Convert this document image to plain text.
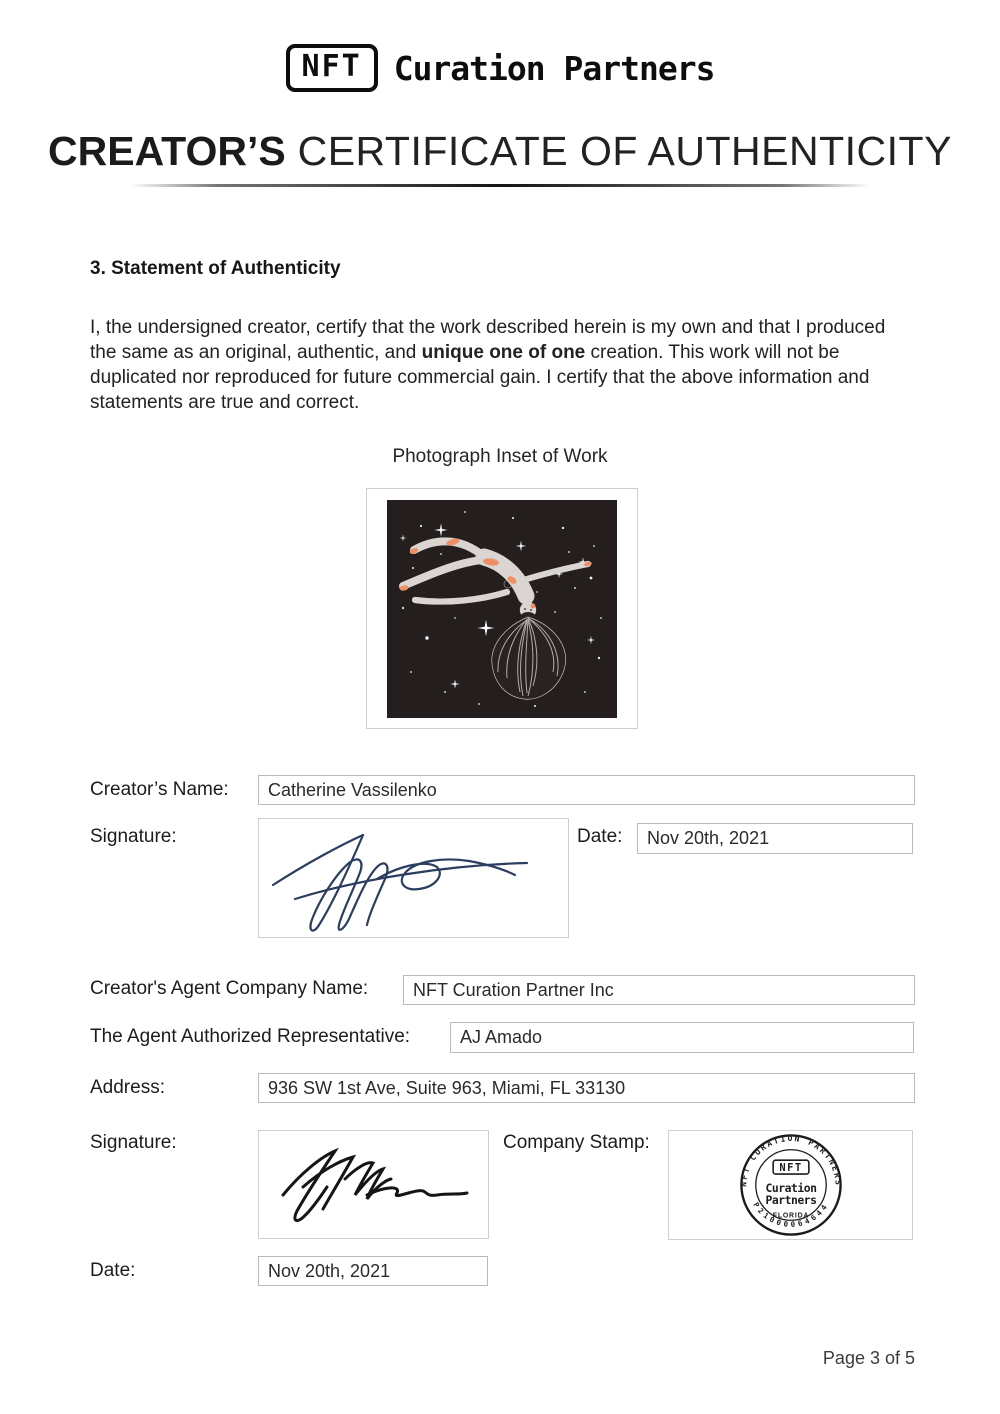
NFT Curation Partners
CREATOR’S CERTIFICATE OF AUTHENTICITY
3. Statement of Authenticity
I, the undersigned creator, certify that the work described herein is my own and that I produced the same as an original, authentic, and unique one of one creation. This work will not be duplicated nor reproduced for future commercial gain. I certify that the above information and statements are true and correct.
Photograph Inset of Work
Creator’s Name: Catherine Vassilenko
Signature:	Date: Nov 20th, 2021
Creator's Agent Company Name: NFT Curation Partner Inc
The Agent Authorized Representative:	AJ Amado
Address:	936 SW 1st Ave, Suite 963, Miami, FL 33130
Signature:	Company Stamp:
NFT CURATION PARTNERS
P21000064644
NFT
Curation
Partners
FLORIDA
Date:	Nov 20th, 2021
Page 3 of 5
